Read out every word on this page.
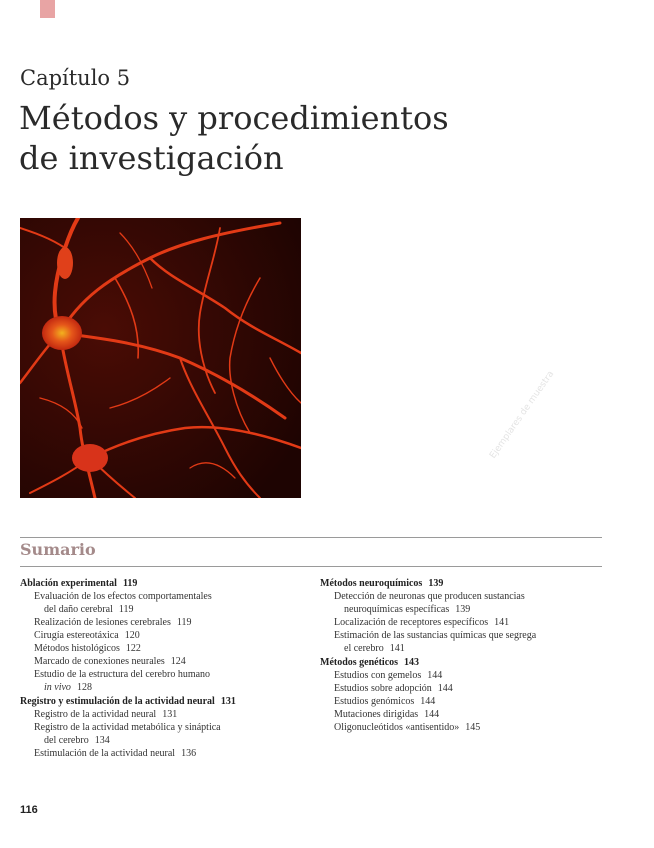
Capítulo 5
Métodos y procedimientos
de investigación
Ejemplares de muestra
Sumario
Ablación experimental 119
Evaluación de los efectos comportamentales
del daño cerebral 119
Realización de lesiones cerebrales 119
Cirugía estereotáxica 120
Métodos histológicos 122
Marcado de conexiones neurales 124
Estudio de la estructura del cerebro humano
in vivo 128
Registro y estimulación de la actividad neural 131
Registro de la actividad neural 131
Registro de la actividad metabólica y sináptica
del cerebro 134
Estimulación de la actividad neural 136
Métodos neuroquímicos 139
Detección de neuronas que producen sustancias
neuroquímicas específicas 139
Localización de receptores específicos 141
Estimación de las sustancias químicas que segrega
el cerebro 141
Métodos genéticos 143
Estudios con gemelos 144
Estudios sobre adopción 144
Estudios genómicos 144
Mutaciones dirigidas 144
Oligonucleótidos «antisentido» 145
116
